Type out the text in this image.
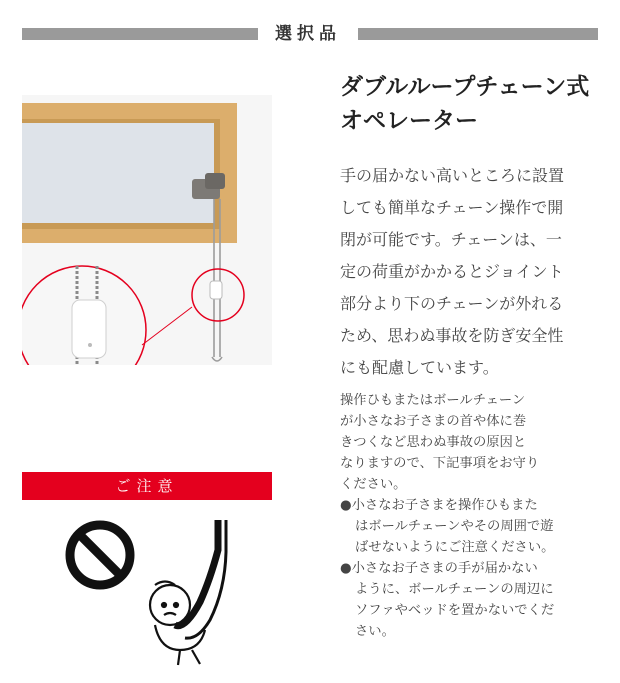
選択品
ご注意
ダブルループチェーン式
オペレーター
手の届かない高いところに設置
しても簡単なチェーン操作で開
閉が可能です。チェーンは、一
定の荷重がかかるとジョイント
部分より下のチェーンが外れる
ため、思わぬ事故を防ぎ安全性
にも配慮しています。
操作ひもまたはボールチェーン
が小さなお子さまの首や体に巻
きつくなど思わぬ事故の原因と
なりますので、下記事項をお守り
ください。
●小さなお子さまを操作ひもまた
はボールチェーンやその周囲で遊
ばせないようにご注意ください。
●小さなお子さまの手が届かない
ように、ボールチェーンの周辺に
ソファやベッドを置かないでくだ
さい。
